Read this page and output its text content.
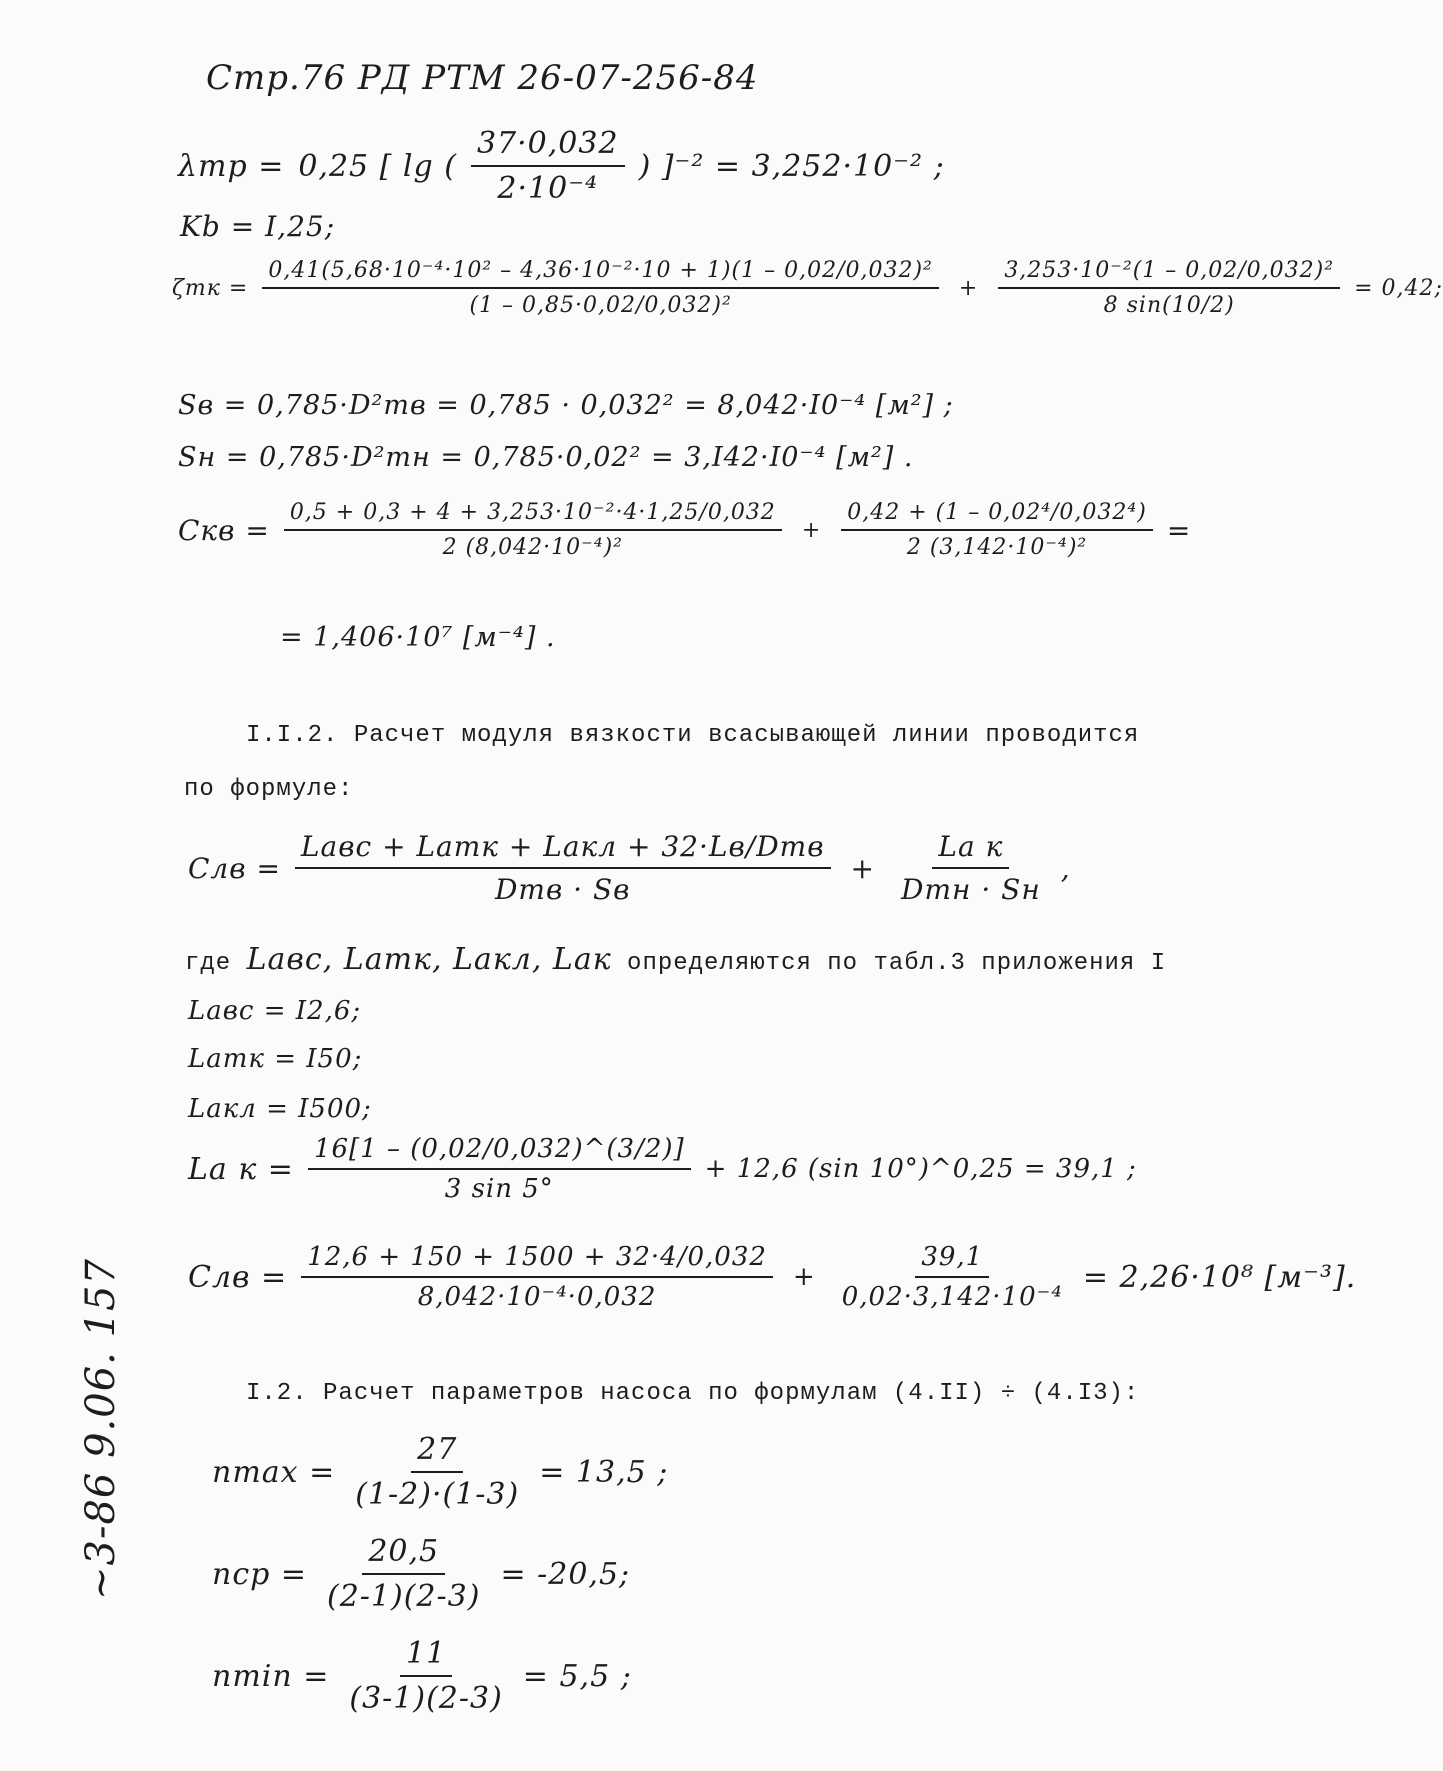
Стр.76 РД РТМ 26-07-256-84
λтр = 0,25 [ lg ( $\frac{37\cdot 0,032}{\text{2·10⁻⁴}}$ ) ]⁻² = 3,252·10⁻² ;
Kb = I,25;
$\zeta тк = \frac{\text{0,41(5,68·10⁻⁴·10² – 4,36·10⁻²·10 + 1)(1 – 0,02/0,032)²}}{\text{(1 – 0,85·0,02/0,032)²}} + \frac{\text{3,253·10⁻²(1 – 0,02/0,032)²}}{8 \sin(10/2)} = 0,42$;
Sв = 0,785·D²тв = 0,785 · 0,032² = 8,042·I0⁻⁴ [м²] ;
Sн = 0,785·D²тн = 0,785·0,02² = 3,I42·I0⁻⁴ [м²] .
Cкв = $\frac{\text{0,5 + 0,3 + 4 + 3,253·10⁻²·4·1,25/0,032}}{\text{2 (8,042·10⁻⁴)²}} + \frac{\text{0,42 + (1 – 0,02⁴/0,032⁴)}}{\text{2 (3,142·10⁻⁴)²}}$ =
= 1,406·10⁷ [м⁻⁴] .
I.I.2. Расчет модуля вязкости всасывающей линии проводится
по формуле:
Cлв = $\frac{\text{Laвс + Laтк + Laкл + 32·Lв/Dтв}}{\text{Dтв · Sв}} + \frac{\text{La к}}{\text{Dтн · Sн}}$ ,
где Laвс, Laтк, Laкл, Laк определяются по табл.3 приложения I
Laвс = I2,6;
Laтк = I50;
Laкл = I500;
La $к = \frac{16[1 - (0,02/0,032)\^{}(3/2)]}{3 \sin 5^\circ} + 12,6$ (sin 10°)^0,25 = 39,1 ;
Cлв = $\frac{12,6 + 150 + 1500 + 32\cdot 4/0,032}{\text{8,042·10⁻⁴·0,032}} + \frac{39,1}{\text{0,02·3,142·10⁻⁴}} = 2,26\cdot 10^8$ [м⁻³].
I.2. Расчет параметров насоса по формулам (4.II) ÷ (4.I3):
$nmax = \frac{27}{(1-2)\cdot(1-3)} = 13,5$ ;
nср = $\frac{20,5}{(2-1)(2-3)} = -20,5$;
$nmin = \frac{11}{(3-1)(2-3)} = 5,5$ ;
~3-86 9.06. 157
